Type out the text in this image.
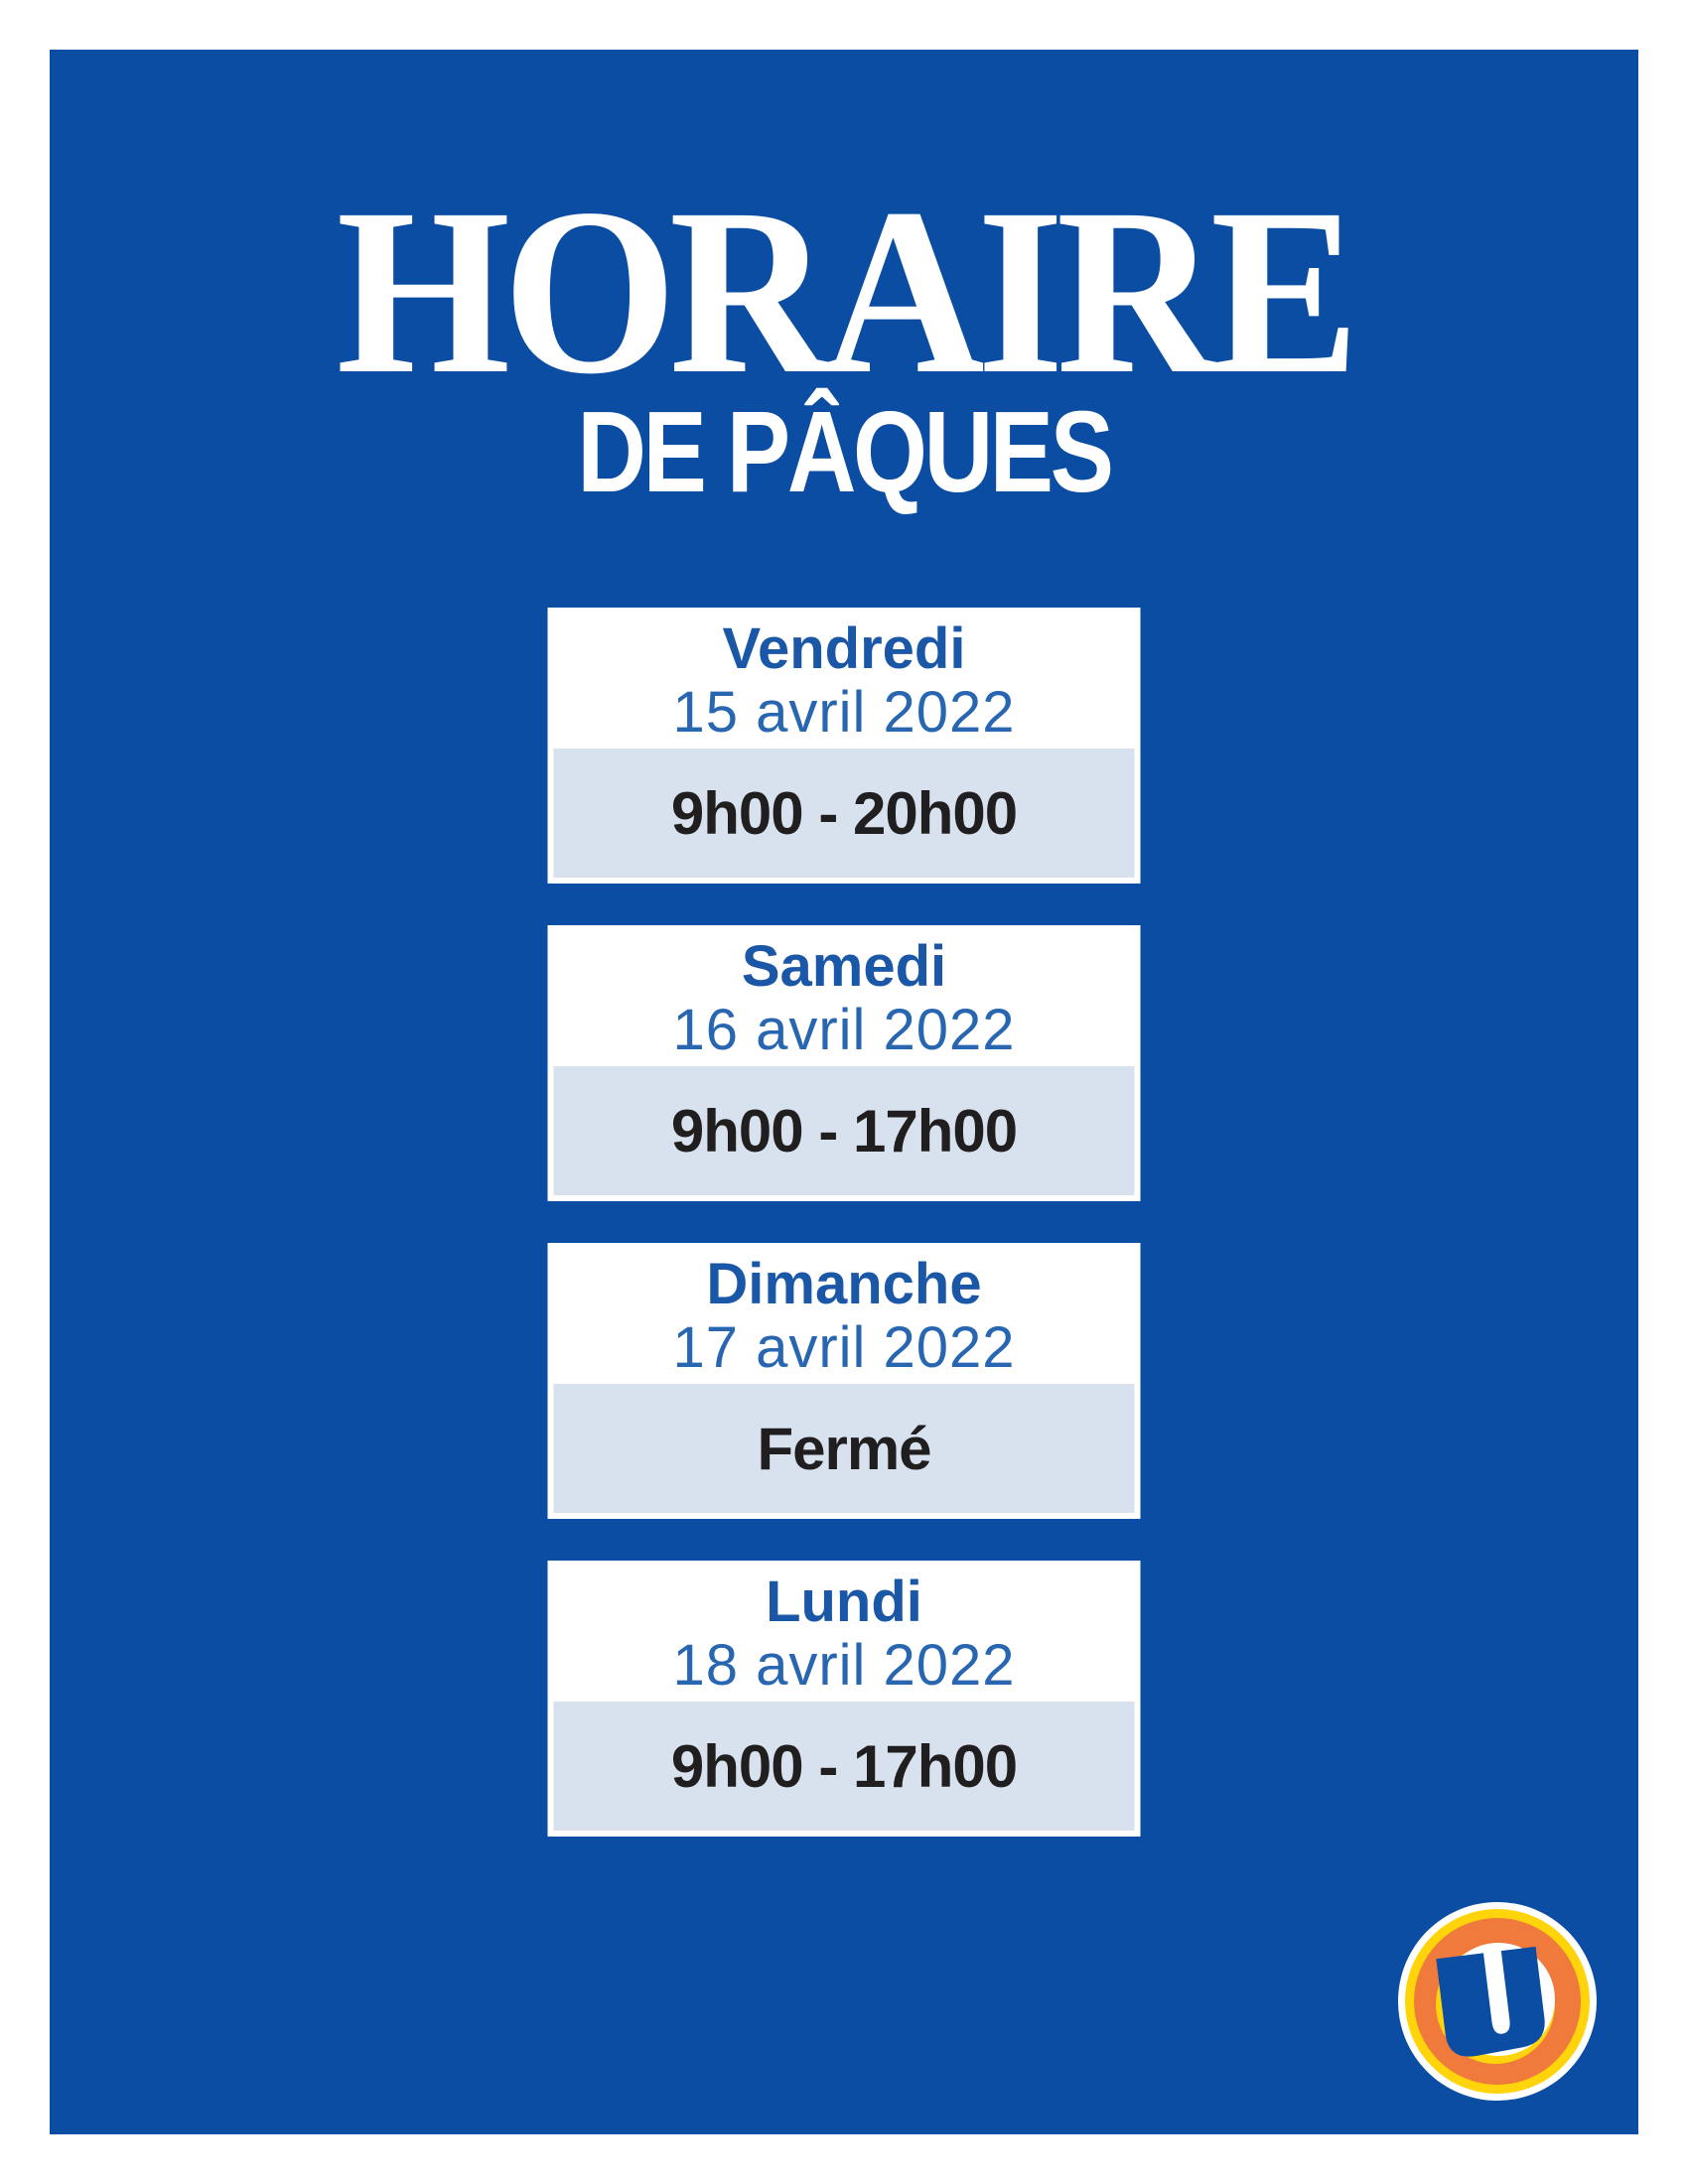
HORAIRE
DE PÂQUES
Vendredi
15 avril 2022
9h00 - 20h00
Samedi
16 avril 2022
9h00 - 17h00
Dimanche
17 avril 2022
Fermé
Lundi
18 avril 2022
9h00 - 17h00
